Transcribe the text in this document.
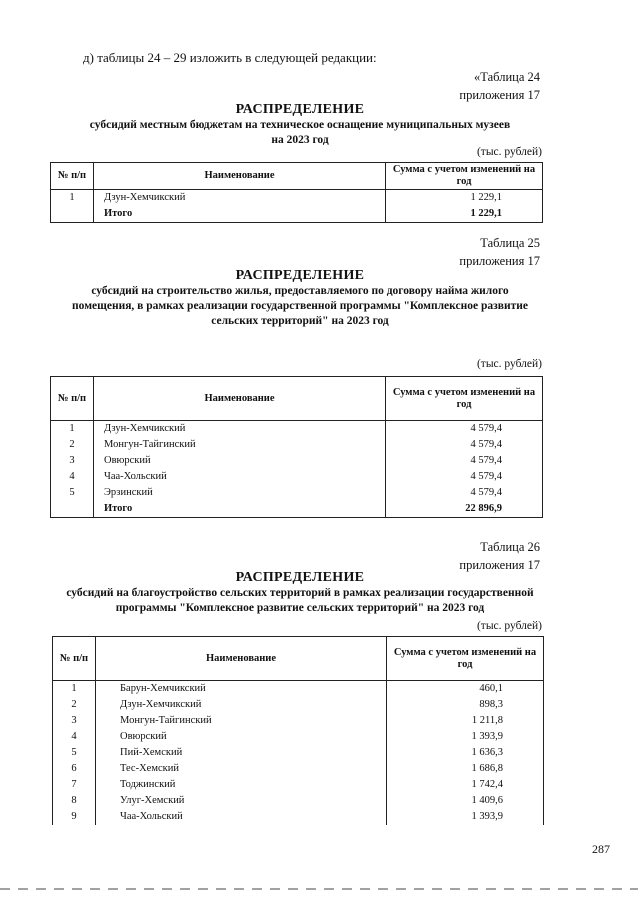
д) таблицы 24 – 29 изложить в следующей редакции:
«Таблица 24
приложения 17
РАСПРЕДЕЛЕНИЕ
субсидий местным бюджетам на техническое оснащение муниципальных музеев
на 2023 год
(тыс. рублей)
№ п/п	Наименование	Сумма с учетом изменений на год
1	Дзун-Хемчикский	1 229,1
	Итого	1 229,1
Таблица 25
приложения 17
РАСПРЕДЕЛЕНИЕ
субсидий на строительство жилья, предоставляемого по договору найма жилого
помещения, в рамках реализации государственной программы "Комплексное развитие
сельских территорий" на 2023 год
(тыс. рублей)
№ п/п	Наименование	Сумма с учетом изменений на год
1	Дзун-Хемчикский	4 579,4
2	Монгун-Тайгинский	4 579,4
3	Овюрский	4 579,4
4	Чаа-Хольский	4 579,4
5	Эрзинский	4 579,4
	Итого	22 896,9
Таблица 26
приложения 17
РАСПРЕДЕЛЕНИЕ
субсидий на благоустройство сельских территорий в рамках реализации государственной
программы "Комплексное развитие сельских территорий" на 2023 год
(тыс. рублей)
№ п/п	Наименование	Сумма с учетом изменений на год
1	Барун-Хемчикский	460,1
2	Дзун-Хемчикский	898,3
3	Монгун-Тайгинский	1 211,8
4	Овюрский	1 393,9
5	Пий-Хемский	1 636,3
6	Тес-Хемский	1 686,8
7	Тоджинский	1 742,4
8	Улуг-Хемский	1 409,6
9	Чаа-Хольский	1 393,9
287
